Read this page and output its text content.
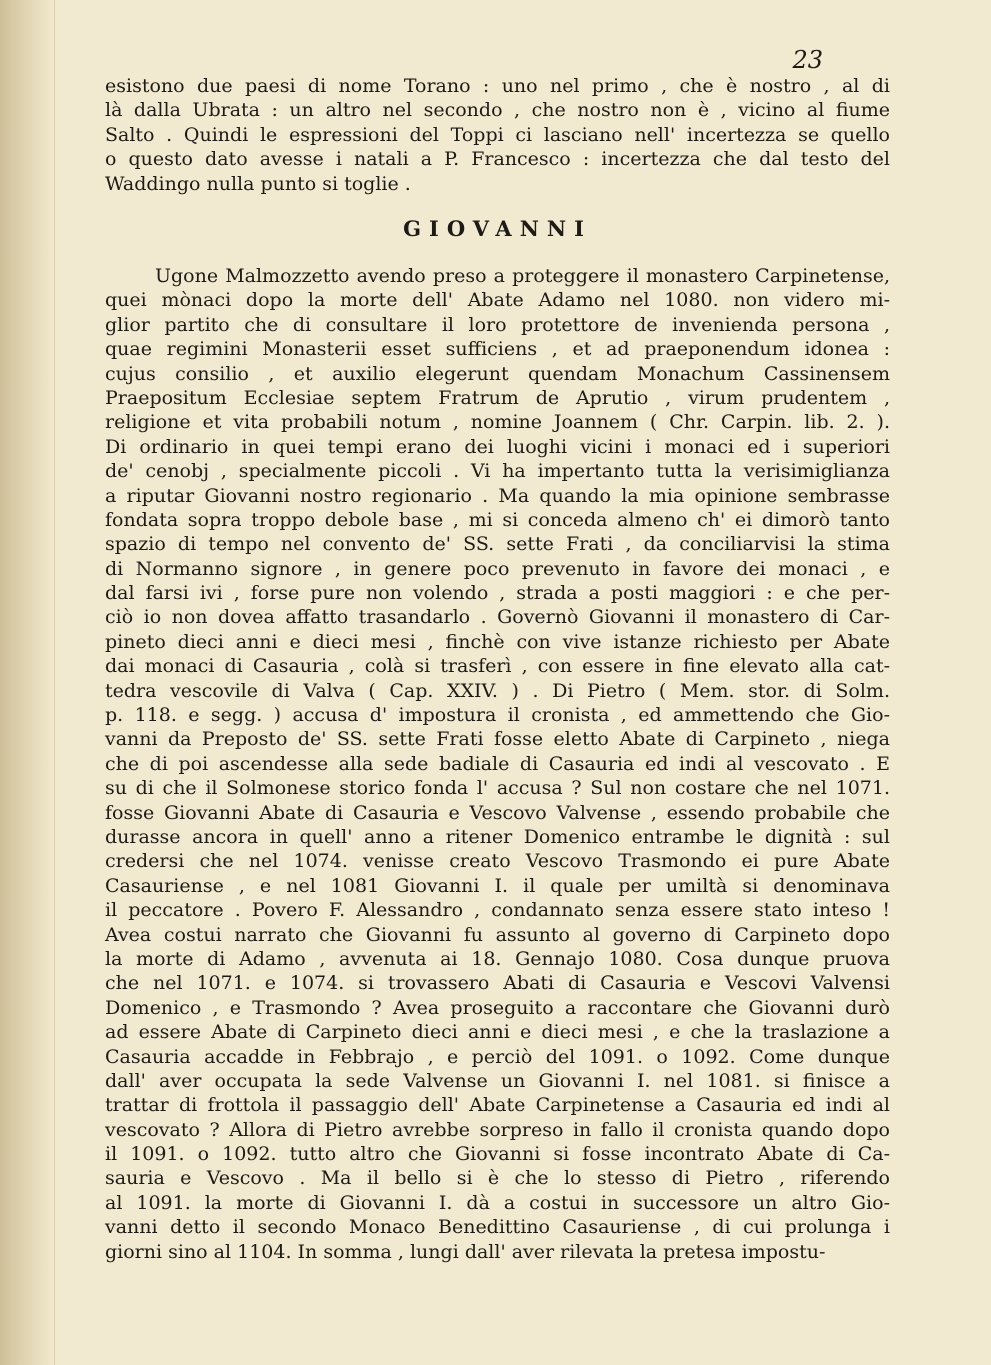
23
esistono due paesi di nome Torano : uno nel primo , che è nostro , al di
là dalla Ubrata : un altro nel secondo , che nostro non è , vicino al fiume
Salto . Quindi le espressioni del Toppi ci lasciano nell' incertezza se quello
o questo dato avesse i natali a P. Francesco : incertezza che dal testo del
Waddingo nulla punto si toglie .
GIOVANNI
Ugone Malmozzetto avendo preso a proteggere il monastero Carpinetense,
quei mònaci dopo la morte dell' Abate Adamo nel 1080. non videro mi-
glior partito che di consultare il loro protettore de invenienda persona ,
quae regimini Monasterii esset sufficiens , et ad praeponendum idonea :
cujus consilio , et auxilio elegerunt quendam Monachum Cassinensem
Praepositum Ecclesiae septem Fratrum de Aprutio , virum prudentem ,
religione et vita probabili notum , nomine Joannem ( Chr. Carpin. lib. 2. ).
Di ordinario in quei tempi erano dei luoghi vicini i monaci ed i superiori
de' cenobj , specialmente piccoli . Vi ha impertanto tutta la verisimiglianza
a riputar Giovanni nostro regionario . Ma quando la mia opinione sembrasse
fondata sopra troppo debole base , mi si conceda almeno ch' ei dimorò tanto
spazio di tempo nel convento de' SS. sette Frati , da conciliarvisi la stima
di Normanno signore , in genere poco prevenuto in favore dei monaci , e
dal farsi ivi , forse pure non volendo , strada a posti maggiori : e che per-
ciò io non dovea affatto trasandarlo . Governò Giovanni il monastero di Car-
pineto dieci anni e dieci mesi , finchè con vive istanze richiesto per Abate
dai monaci di Casauria , colà si trasferì , con essere in fine elevato alla cat-
tedra vescovile di Valva ( Cap. XXIV. ) . Di Pietro ( Mem. stor. di Solm.
p. 118. e segg. ) accusa d' impostura il cronista , ed ammettendo che Gio-
vanni da Preposto de' SS. sette Frati fosse eletto Abate di Carpineto , niega
che di poi ascendesse alla sede badiale di Casauria ed indi al vescovato . E
su di che il Solmonese storico fonda l' accusa ? Sul non costare che nel 1071.
fosse Giovanni Abate di Casauria e Vescovo Valvense , essendo probabile che
durasse ancora in quell' anno a ritener Domenico entrambe le dignità : sul
credersi che nel 1074. venisse creato Vescovo Trasmondo ei pure Abate
Casauriense , e nel 1081 Giovanni I. il quale per umiltà si denominava
il peccatore . Povero F. Alessandro , condannato senza essere stato inteso !
Avea costui narrato che Giovanni fu assunto al governo di Carpineto dopo
la morte di Adamo , avvenuta ai 18. Gennajo 1080. Cosa dunque pruova
che nel 1071. e 1074. si trovassero Abati di Casauria e Vescovi Valvensi
Domenico , e Trasmondo ? Avea proseguito a raccontare che Giovanni durò
ad essere Abate di Carpineto dieci anni e dieci mesi , e che la traslazione a
Casauria accadde in Febbrajo , e perciò del 1091. o 1092. Come dunque
dall' aver occupata la sede Valvense un Giovanni I. nel 1081. si finisce a
trattar di frottola il passaggio dell' Abate Carpinetense a Casauria ed indi al
vescovato ? Allora di Pietro avrebbe sorpreso in fallo il cronista quando dopo
il 1091. o 1092. tutto altro che Giovanni si fosse incontrato Abate di Ca-
sauria e Vescovo . Ma il bello si è che lo stesso di Pietro , riferendo
al 1091. la morte di Giovanni I. dà a costui in successore un altro Gio-
vanni detto il secondo Monaco Benedittino Casauriense , di cui prolunga i
giorni sino al 1104. In somma , lungi dall' aver rilevata la pretesa impostu-
